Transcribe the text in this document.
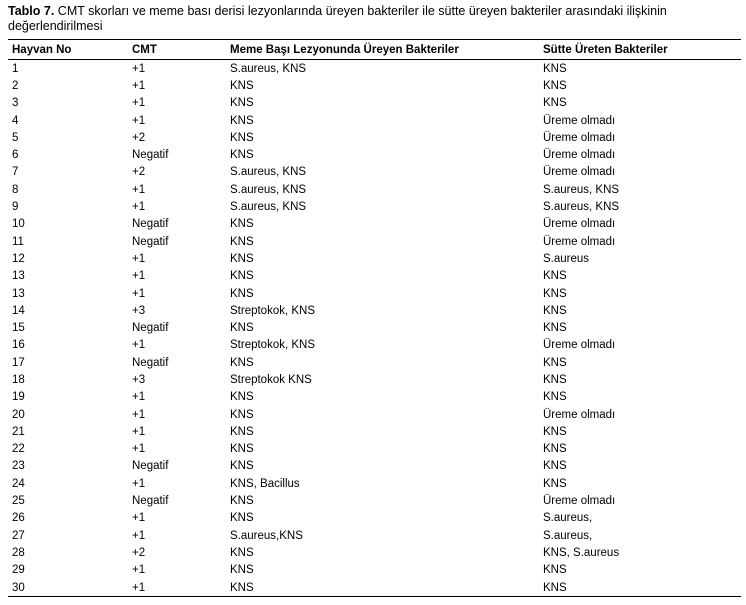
Tablo 7. CMT skorları ve meme bası derisi lezyonlarında üreyen bakteriler ile sütte üreyen bakteriler arasındaki ilişkinin değerlendirilmesi
Hayvan No	CMT	Meme Başı Lezyonunda Üreyen Bakteriler	Sütte Üreten Bakteriler
1	+1	S.aureus, KNS	KNS
2	+1	KNS	KNS
3	+1	KNS	KNS
4	+1	KNS	Üreme olmadı
5	+2	KNS	Üreme olmadı
6	Negatif	KNS	Üreme olmadı
7	+2	S.aureus, KNS	Üreme olmadı
8	+1	S.aureus, KNS	S.aureus, KNS
9	+1	S.aureus, KNS	S.aureus, KNS
10	Negatif	KNS	Üreme olmadı
11	Negatif	KNS	Üreme olmadı
12	+1	KNS	S.aureus
13	+1	KNS	KNS
13	+1	KNS	KNS
14	+3	Streptokok, KNS	KNS
15	Negatif	KNS	KNS
16	+1	Streptokok, KNS	Üreme olmadı
17	Negatif	KNS	KNS
18	+3	Streptokok KNS	KNS
19	+1	KNS	KNS
20	+1	KNS	Üreme olmadı
21	+1	KNS	KNS
22	+1	KNS	KNS
23	Negatif	KNS	KNS
24	+1	KNS, Bacillus	KNS
25	Negatif	KNS	Üreme olmadı
26	+1	KNS	S.aureus,
27	+1	S.aureus,KNS	S.aureus,
28	+2	KNS	KNS, S.aureus
29	+1	KNS	KNS
30	+1	KNS	KNS
